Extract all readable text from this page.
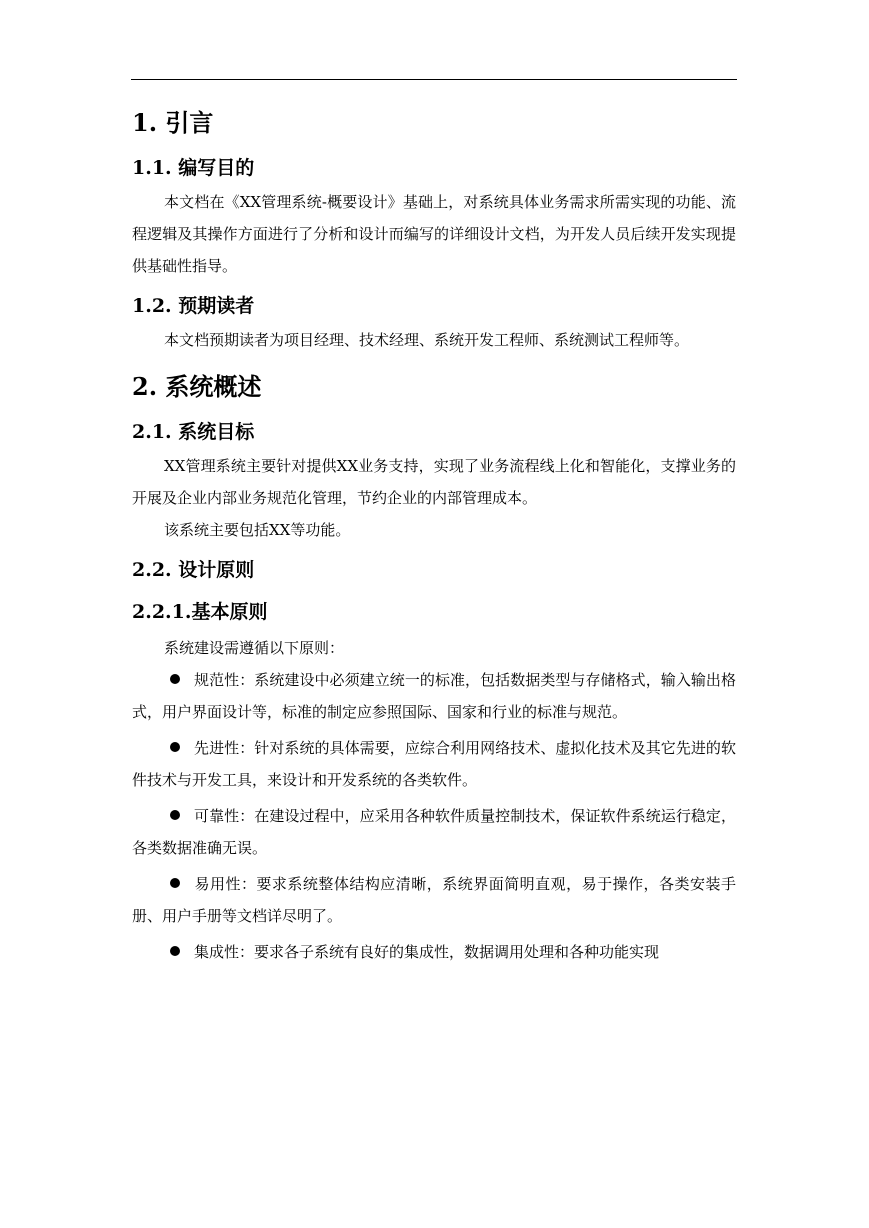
1. 引言
1.1. 编写目的

本文档在《XX管理系统-概要设计》基础上，对系统具体业务需求所需实现的功能、流程逻辑及其操作方面进行了分析和设计而编写的详细设计文档，为开发人员后续开发实现提供基础性指导。

1.2. 预期读者

本文档预期读者为项目经理、技术经理、系统开发工程师、系统测试工程师等。

2. 系统概述
2.1. 系统目标

XX管理系统主要针对提供XX业务支持，实现了业务流程线上化和智能化，支撑业务的开展及企业内部业务规范化管理，节约企业的内部管理成本。

该系统主要包括XX等功能。

2.2. 设计原则
2.2.1.基本原则

系统建设需遵循以下原则：

规范性：系统建设中必须建立统一的标准，包括数据类型与存储格式，输入输出格式，用户界面设计等，标准的制定应参照国际、国家和行业的标准与规范。

先进性：针对系统的具体需要，应综合利用网络技术、虚拟化技术及其它先进的软件技术与开发工具，来设计和开发系统的各类软件。

可靠性：在建设过程中，应采用各种软件质量控制技术，保证软件系统运行稳定，各类数据准确无误。

易用性：要求系统整体结构应清晰，系统界面简明直观，易于操作，各类安装手册、用户手册等文档详尽明了。

集成性：要求各子系统有良好的集成性，数据调用处理和各种功能实现
